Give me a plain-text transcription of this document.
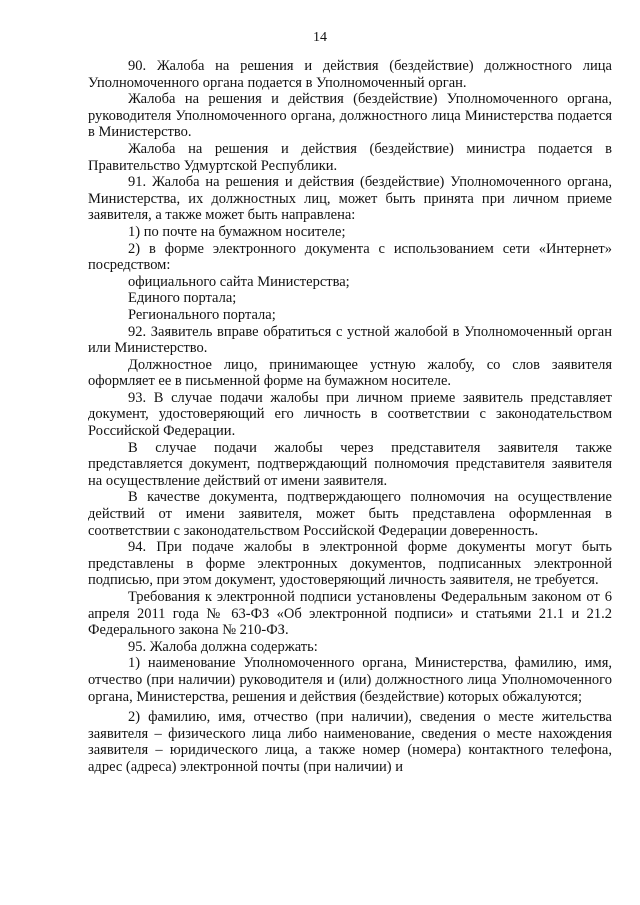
14

90. Жалоба на решения и действия (бездействие) должностного лица Уполномоченного органа подается в Уполномоченный орган.

Жалоба на решения и действия (бездействие) Уполномоченного органа, руководителя Уполномоченного органа, должностного лица Министерства подается в Министерство.

Жалоба на решения и действия (бездействие) министра подается в Правительство Удмуртской Республики.

91. Жалоба на решения и действия (бездействие) Уполномоченного органа, Министерства, их должностных лиц, может быть принята при личном приеме заявителя, а также может быть направлена:

1) по почте на бумажном носителе;

2) в форме электронного документа с использованием сети «Интернет» посредством:

официального сайта Министерства;

Единого портала;

Регионального портала;

92. Заявитель вправе обратиться с устной жалобой в Уполномоченный орган или Министерство.

Должностное лицо, принимающее устную жалобу, со слов заявителя оформляет ее в письменной форме на бумажном носителе.

93. В случае подачи жалобы при личном приеме заявитель представляет документ, удостоверяющий его личность в соответствии с законодательством Российской Федерации.

В случае подачи жалобы через представителя заявителя также представляется документ, подтверждающий полномочия представителя заявителя на осуществление действий от имени заявителя.

В качестве документа, подтверждающего полномочия на осуществление действий от имени заявителя, может быть представлена оформленная в соответствии с законодательством Российской Федерации доверенность.

94. При подаче жалобы в электронной форме документы могут быть представлены в форме электронных документов, подписанных электронной подписью, при этом документ, удостоверяющий личность заявителя, не требуется.

Требования к электронной подписи установлены Федеральным законом от 6 апреля 2011 года № 63-ФЗ «Об электронной подписи» и статьями 21.1 и 21.2 Федерального закона № 210-ФЗ.

95. Жалоба должна содержать:

1) наименование Уполномоченного органа, Министерства, фамилию, имя, отчество (при наличии) руководителя и (или) должностного лица Уполномоченного органа, Министерства, решения и действия (бездействие) которых обжалуются;

2) фамилию, имя, отчество (при наличии), сведения о месте жительства заявителя – физического лица либо наименование, сведения о месте нахождения заявителя – юридического лица, а также номер (номера) контактного телефона, адрес (адреса) электронной почты (при наличии) и
